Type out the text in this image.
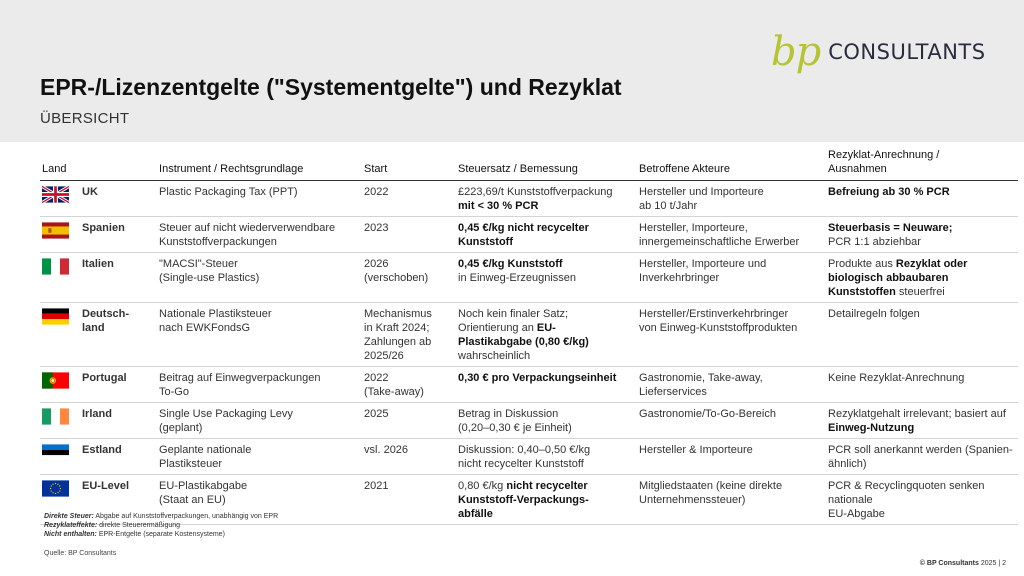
EPR-/Lizenzentgelte ("Systementgelte") und Rezyklat
ÜBERSICHT
bp CONSULTANTS
Land		Instrument / Rechtsgrundlage	Start	Steuersatz / Bemessung	Betroffene Akteure	Rezyklat-Anrechnung /
Ausnahmen

	UK	Plastic Packaging Tax (PPT)	2022	£223,69/t Kunststoffverpackung
mit < 30 % PCR	Hersteller und Importeure
ab 10 t/Jahr	Befreiung ab 30 % PCR

	Spanien	Steuer auf nicht wiederverwendbare
Kunststoffverpackungen	2023	0,45 €/kg nicht recycelter
Kunststoff	Hersteller, Importeure,
innergemeinschaftliche Erwerber	Steuerbasis = Neuware;
PCR 1:1 abziehbar

	Italien	"MACSI"-Steuer
(Single-use Plastics)	2026
(verschoben)	0,45 €/kg Kunststoff
in Einweg-Erzeugnissen	Hersteller, Importeure und
Inverkehrbringer	Produkte aus Rezyklat oder
biologisch abbaubaren
Kunststoffen steuerfrei

	Deutsch-
land	Nationale Plastiksteuer
nach EWKFondsG	Mechanismus
in Kraft 2024;
Zahlungen ab
2025/26	Noch kein finaler Satz;
Orientierung an EU-
Plastikabgabe (0,80 €/kg)
wahrscheinlich	Hersteller/Erstinverkehrbringer
von Einweg-Kunststoffprodukten	Detailregeln folgen

	Portugal	Beitrag auf Einwegverpackungen
To-Go	2022
(Take-away)	0,30 € pro Verpackungseinheit	Gastronomie, Take-away,
Lieferservices	Keine Rezyklat-Anrechnung

	Irland	Single Use Packaging Levy
(geplant)	2025	Betrag in Diskussion
(0,20–0,30 € je Einheit)	Gastronomie/To-Go-Bereich	Rezyklatgehalt irrelevant; basiert auf
Einweg-Nutzung

	Estland	Geplante nationale
Plastiksteuer	vsl. 2026	Diskussion: 0,40–0,50 €/kg
nicht recycelter Kunststoff	Hersteller & Importeure	PCR soll anerkannt werden (Spanien-
ähnlich)

	EU-Level	EU-Plastikabgabe
(Staat an EU)	2021	0,80 €/kg nicht recycelter
Kunststoff-Verpackungs-
abfälle	Mitgliedstaaten (keine direkte
Unternehmenssteuer)	PCR & Recyclingquoten senken
nationale
EU-Abgabe
Direkte Steuer: Abgabe auf Kunststoffverpackungen, unabhängig von EPR
Rezyklateffekte: direkte Steuerermäßigung
Nicht enthalten: EPR-Entgelte (separate Kostensysteme)
Quelle: BP Consultants
© BP Consultants 2025 | 2
